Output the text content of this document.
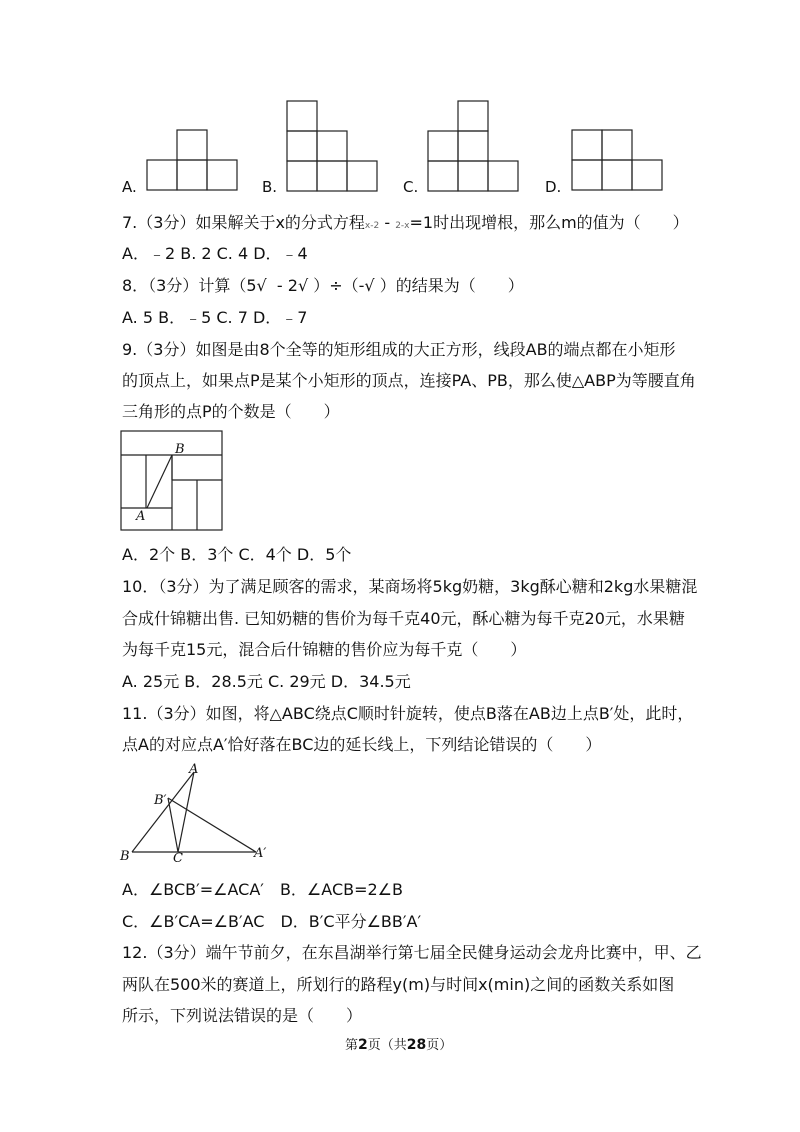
A.	B.	C.	D.
7.（3分）如果解关于x的分式方程x-2 - 2-x=1时出现增根，那么m的值为（　　）
A．﹣2 B. 2 C. 4 D．﹣4
8．（3分）计算（5√  - 2√ ）÷（-√ ）的结果为（　　）
A. 5 B．﹣5 C. 7 D．﹣7
9.（3分）如图是由8个全等的矩形组成的大正方形，线段AB的端点都在小矩形
的顶点上，如果点P是某个小矩形的顶点，连接PA、PB，那么使△ABP为等腰直角
三角形的点P的个数是（　　）
B
A
A．2个 B．3个 C．4个 D．5个
10．（3分）为了满足顾客的需求，某商场将5kg奶糖，3kg酥心糖和2kg水果糖混
合成什锦糖出售. 已知奶糖的售价为每千克40元，酥心糖为每千克20元，水果糖
为每千克15元，混合后什锦糖的售价应为每千克（　　）
A. 25元 B．28.5元 C. 29元 D．34.5元
11.（3分）如图，将△ABC绕点C顺时针旋转，使点B落在AB边上点B′处，此时，
点A的对应点A′恰好落在BC边的延长线上，下列结论错误的（　　）
A
B′
B	C	A′
A．∠BCB′=∠ACA′　 B．∠ACB=2∠B
C．∠B′CA=∠B′AC　 D．B′C平分∠BB′A′
12.（3分）端午节前夕，在东昌湖举行第七届全民健身运动会龙舟比赛中，甲、乙
两队在500米的赛道上，所划行的路程y(m)与时间x(min)之间的函数关系如图
所示，下列说法错误的是（　　）
第2页（共28页）
